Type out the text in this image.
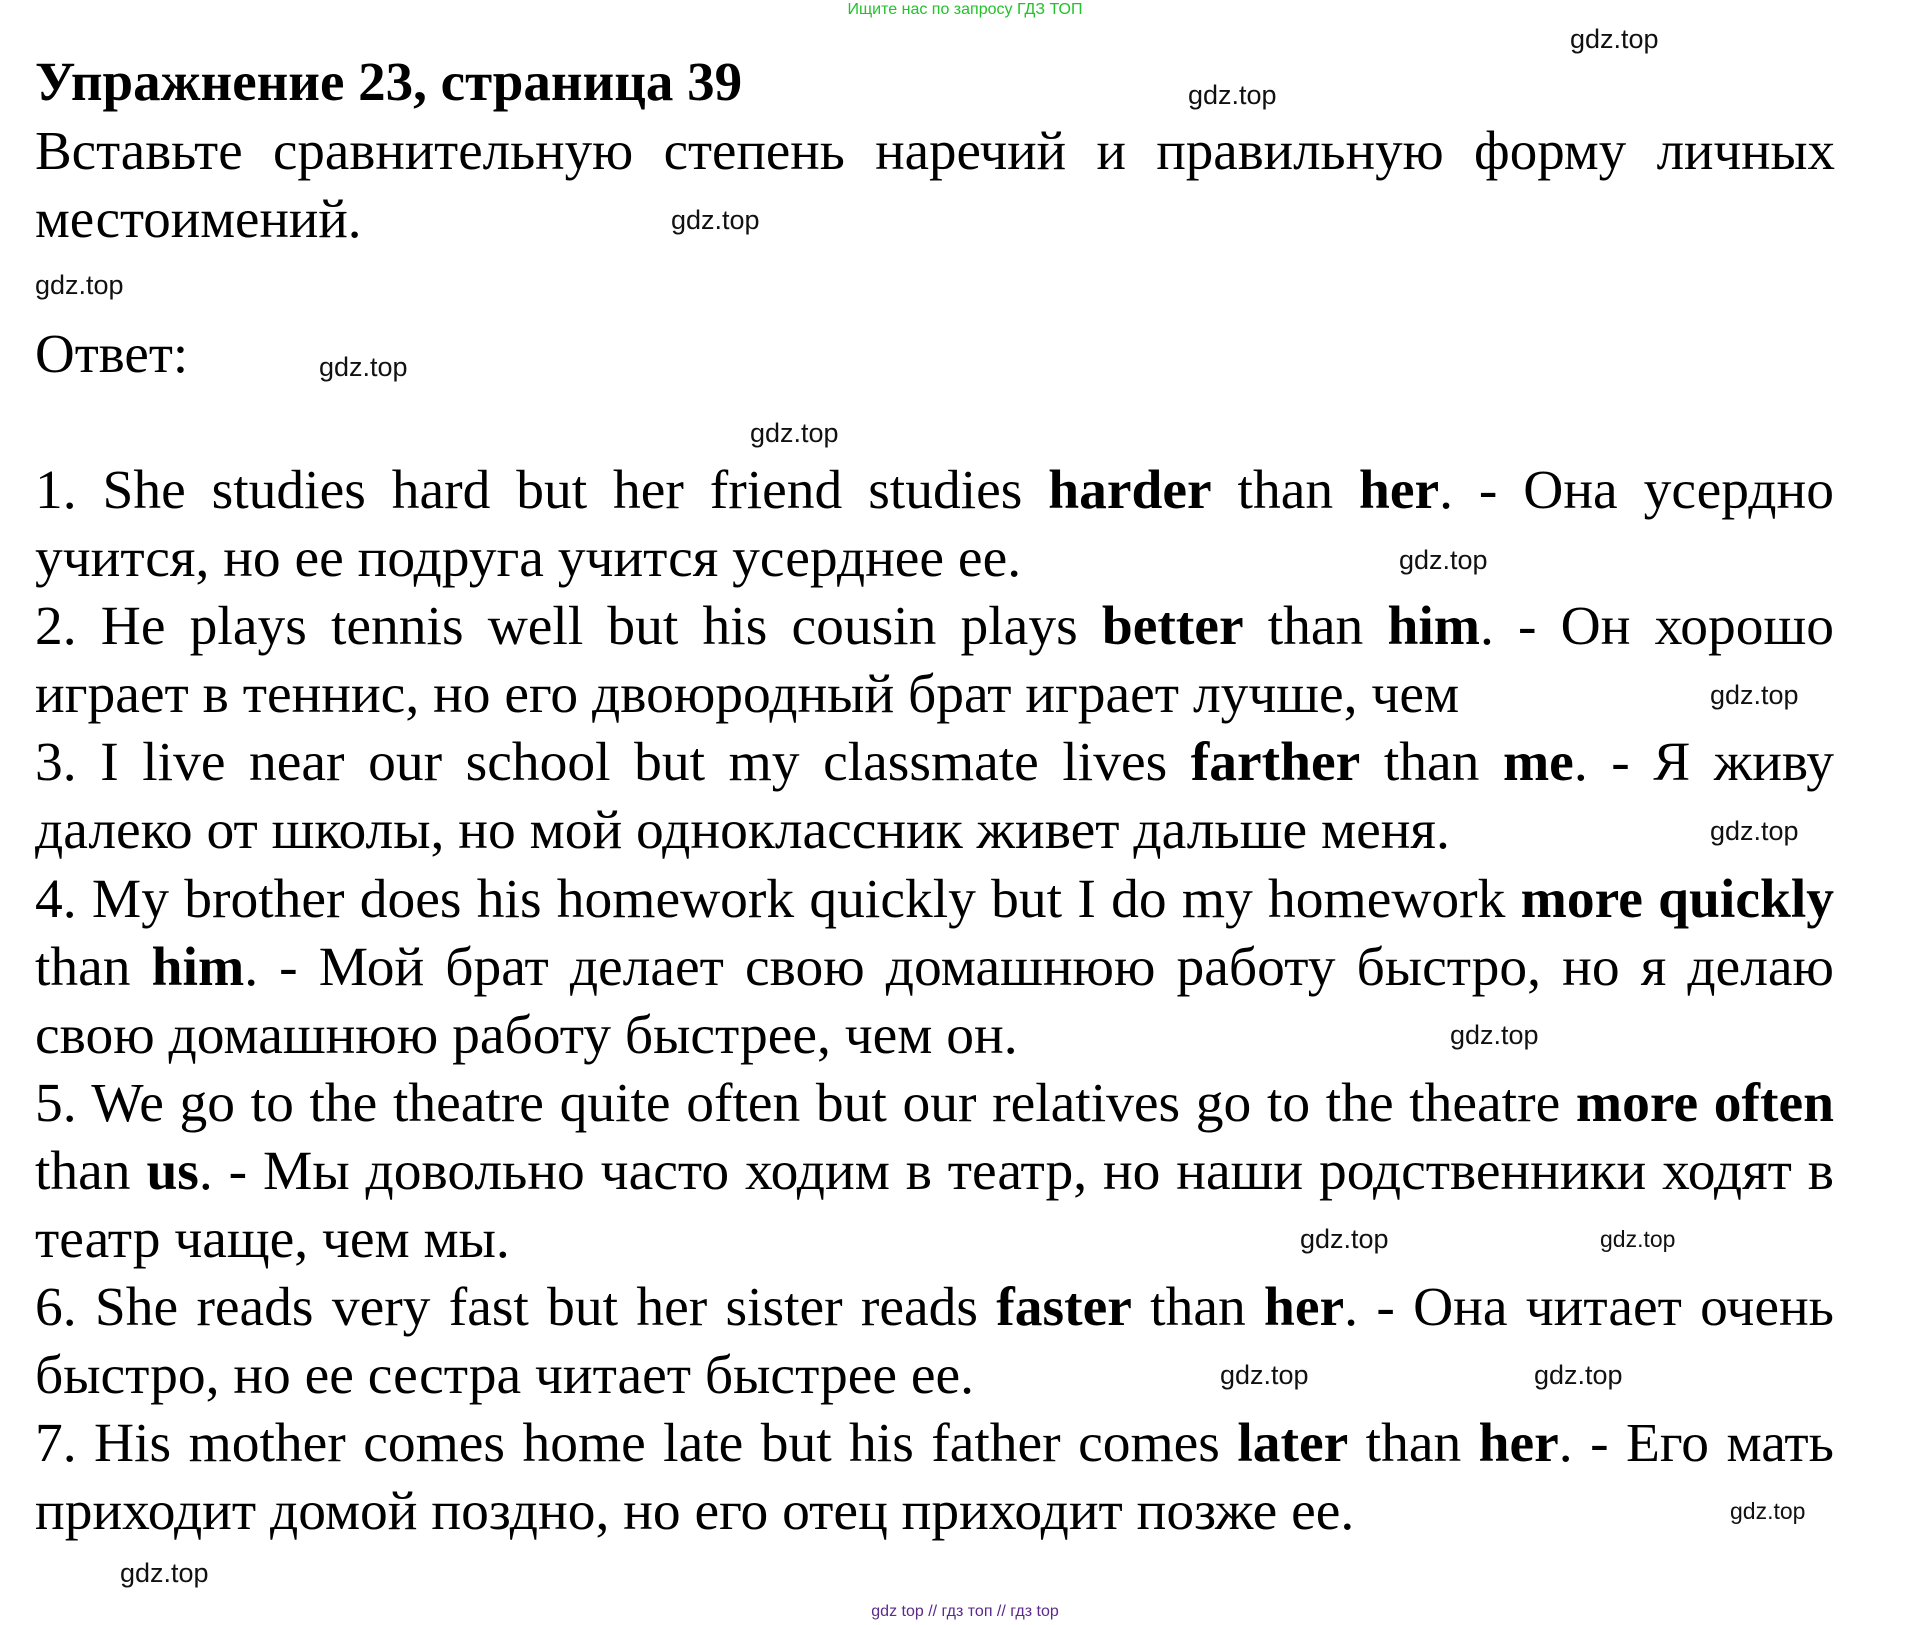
Ищите нас по запросу ГДЗ ТОП
Упражнение 23, страница 39

Вставьте сравнительную степень наречий и правильную форму личных местоимений.

Ответ:

1. She studies hard but her friend studies harder than her. - Она усердно учится, но ее подруга учится усерднее ее.

2. He plays tennis well but his cousin plays better than him. - Он хорошо играет в теннис, но его двоюродный брат играет лучше, чем

3. I live near our school but my classmate lives farther than me. - Я живу далеко от школы, но мой одноклассник живет дальше меня.

4. My brother does his homework quickly but I do my homework more quickly than him. - Мой брат делает свою домашнюю работу быстро, но я делаю свою домашнюю работу быстрее, чем он.

5. We go to the theatre quite often but our relatives go to the theatre more often than us. - Мы довольно часто ходим в театр, но наши родственники ходят в театр чаще, чем мы.

6. She reads very fast but her sister reads faster than her. - Она читает очень быстро, но ее сестра читает быстрее ее.

7. His mother comes home late but his father comes later than her. - Его мать приходит домой поздно, но его отец приходит позже ее.

gdz.top
gdz.top
gdz.top
gdz.top
gdz.top
gdz.top
gdz.top
gdz.top
gdz.top
gdz.top
gdz.top	gdz.top
gdz.top
gdz.top
gdz.top
gdz.top
gdz top // гдз топ // гдз top
